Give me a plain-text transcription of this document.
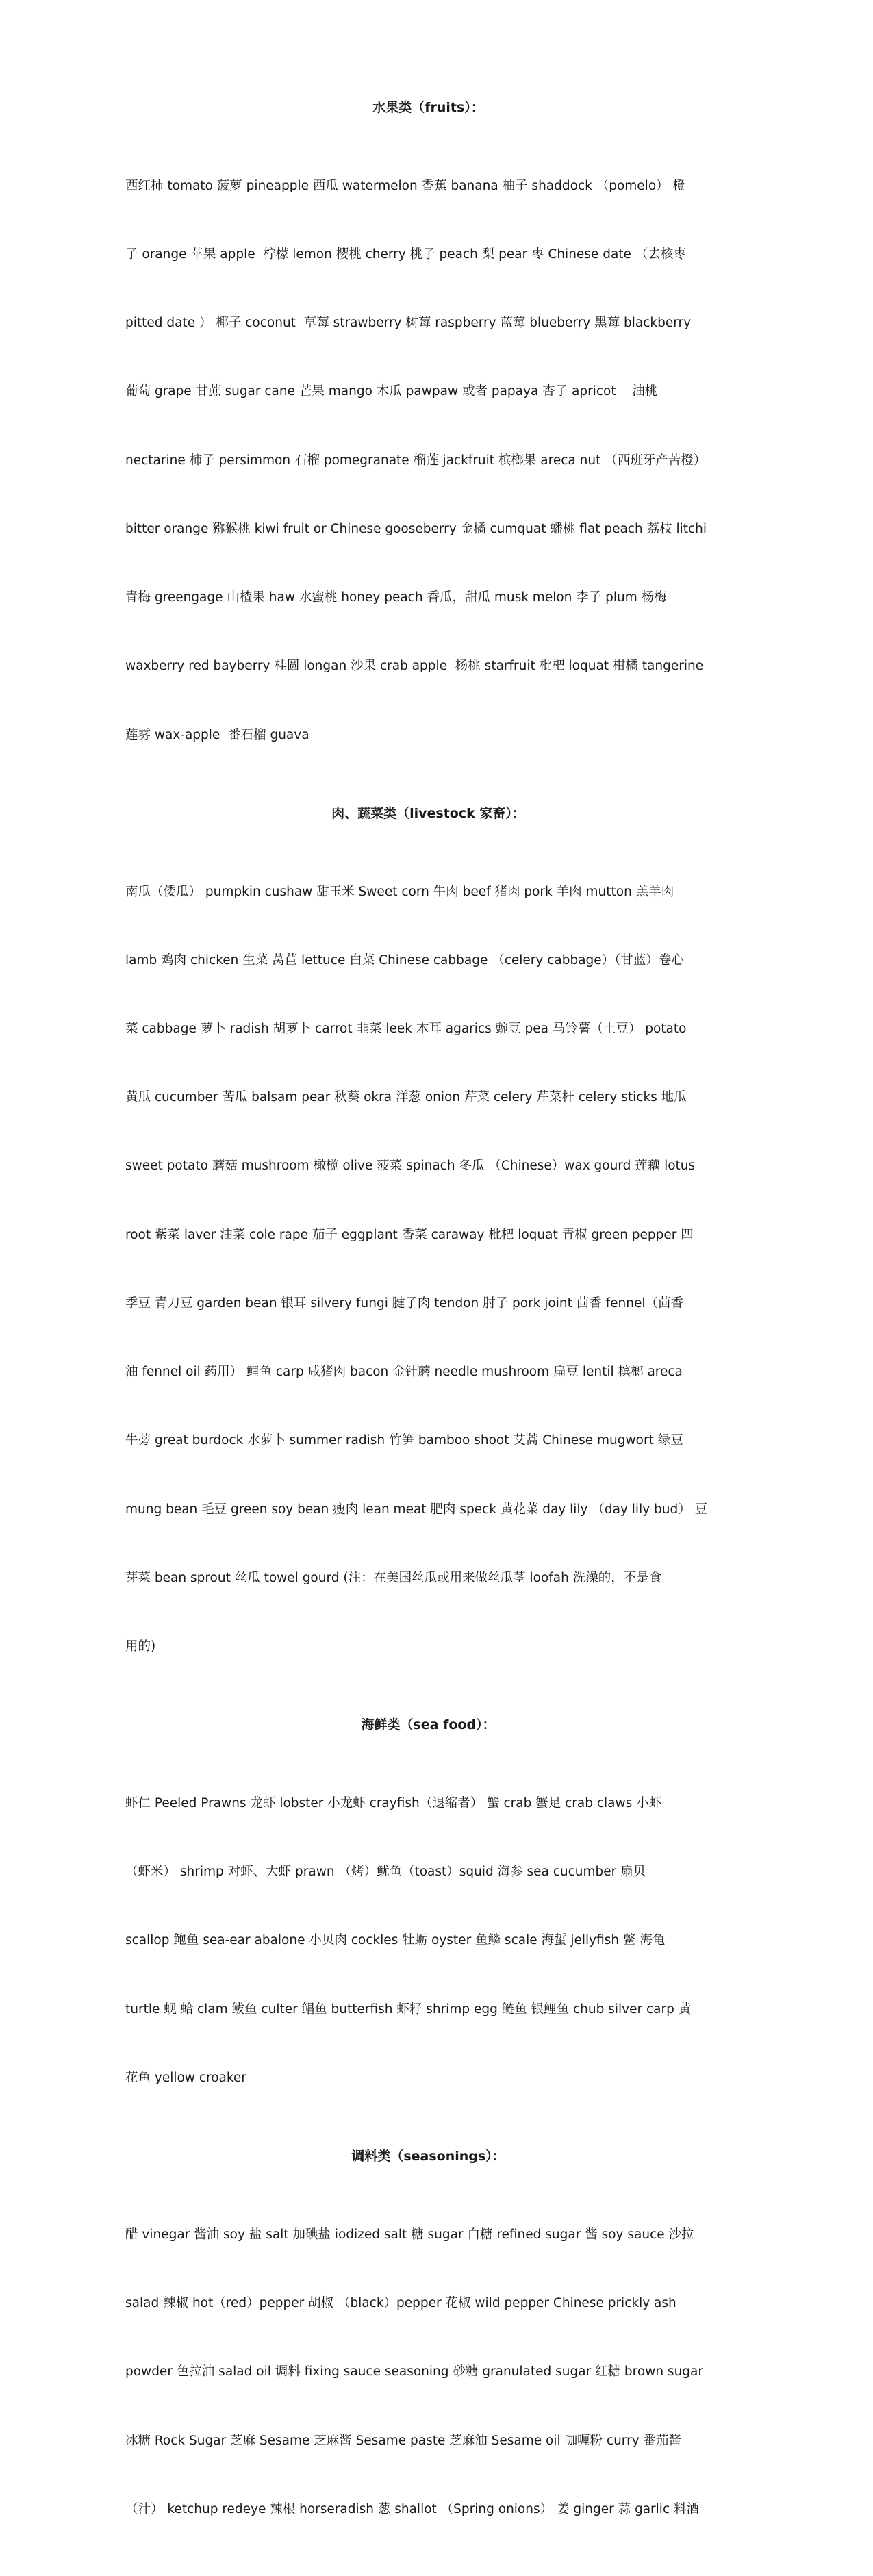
水果类（fruits）：

西红柿 tomato 菠萝 pineapple 西瓜 watermelon 香蕉 banana 柚子 shaddock （pomelo） 橙

子 orange 苹果 apple  柠檬 lemon 樱桃 cherry 桃子 peach 梨 pear 枣 Chinese date （去核枣

pitted date ） 椰子 coconut  草莓 strawberry 树莓 raspberry 蓝莓 blueberry 黑莓 blackberry

葡萄 grape 甘蔗 sugar cane 芒果 mango 木瓜 pawpaw 或者 papaya 杏子 apricot    油桃

nectarine 柿子 persimmon 石榴 pomegranate 榴莲 jackfruit 槟榔果 areca nut （西班牙产苦橙）

bitter orange 猕猴桃 kiwi fruit or Chinese gooseberry 金橘 cumquat 蟠桃 flat peach 荔枝 litchi

青梅 greengage 山楂果 haw 水蜜桃 honey peach 香瓜，甜瓜 musk melon 李子 plum 杨梅

waxberry red bayberry 桂圆 longan 沙果 crab apple  杨桃 starfruit 枇杷 loquat 柑橘 tangerine

莲雾 wax-apple  番石榴 guava

肉、蔬菜类（livestock 家畜）：

南瓜（倭瓜） pumpkin cushaw 甜玉米 Sweet corn 牛肉 beef 猪肉 pork 羊肉 mutton 羔羊肉

lamb 鸡肉 chicken 生菜 莴苣 lettuce 白菜 Chinese cabbage （celery cabbage）（甘蓝）卷心

菜 cabbage 萝卜 radish 胡萝卜 carrot 韭菜 leek 木耳 agarics 豌豆 pea 马铃薯（土豆） potato

黄瓜 cucumber 苦瓜 balsam pear 秋葵 okra 洋葱 onion 芹菜 celery 芹菜杆 celery sticks 地瓜

sweet potato 蘑菇 mushroom 橄榄 olive 菠菜 spinach 冬瓜 （Chinese）wax gourd 莲藕 lotus

root 紫菜 laver 油菜 cole rape 茄子 eggplant 香菜 caraway 枇杷 loquat 青椒 green pepper 四

季豆 青刀豆 garden bean 银耳 silvery fungi 腱子肉 tendon 肘子 pork joint 茴香 fennel（茴香

油 fennel oil 药用） 鲤鱼 carp 咸猪肉 bacon 金针蘑 needle mushroom 扁豆 lentil 槟榔 areca

牛蒡 great burdock 水萝卜 summer radish 竹笋 bamboo shoot 艾蒿 Chinese mugwort 绿豆

mung bean 毛豆 green soy bean 瘦肉 lean meat 肥肉 speck 黄花菜 day lily （day lily bud） 豆

芽菜 bean sprout 丝瓜 towel gourd (注：在美国丝瓜或用来做丝瓜茎 loofah 洗澡的，不是食

用的)

海鲜类（sea food）：

虾仁 Peeled Prawns 龙虾 lobster 小龙虾 crayfish（退缩者） 蟹 crab 蟹足 crab claws 小虾

（虾米） shrimp 对虾、大虾 prawn （烤）鱿鱼（toast）squid 海参 sea cucumber 扇贝

scallop 鲍鱼 sea-ear abalone 小贝肉 cockles 牡蛎 oyster 鱼鳞 scale 海蜇 jellyfish 鳖 海龟

turtle 蚬 蛤 clam 鲅鱼 culter 鲳鱼 butterfish 虾籽 shrimp egg 鲢鱼 银鲤鱼 chub silver carp 黄

花鱼 yellow croaker

调料类（seasonings）：

醋 vinegar 酱油 soy 盐 salt 加碘盐 iodized salt 糖 sugar 白糖 refined sugar 酱 soy sauce 沙拉

salad 辣椒 hot（red）pepper 胡椒 （black）pepper 花椒 wild pepper Chinese prickly ash

powder 色拉油 salad oil 调料 fixing sauce seasoning 砂糖 granulated sugar 红糖 brown sugar

冰糖 Rock Sugar 芝麻 Sesame 芝麻酱 Sesame paste 芝麻油 Sesame oil 咖喱粉 curry 番茄酱

（汁） ketchup redeye 辣根 horseradish 葱 shallot （Spring onions） 姜 ginger 蒜 garlic 料酒
